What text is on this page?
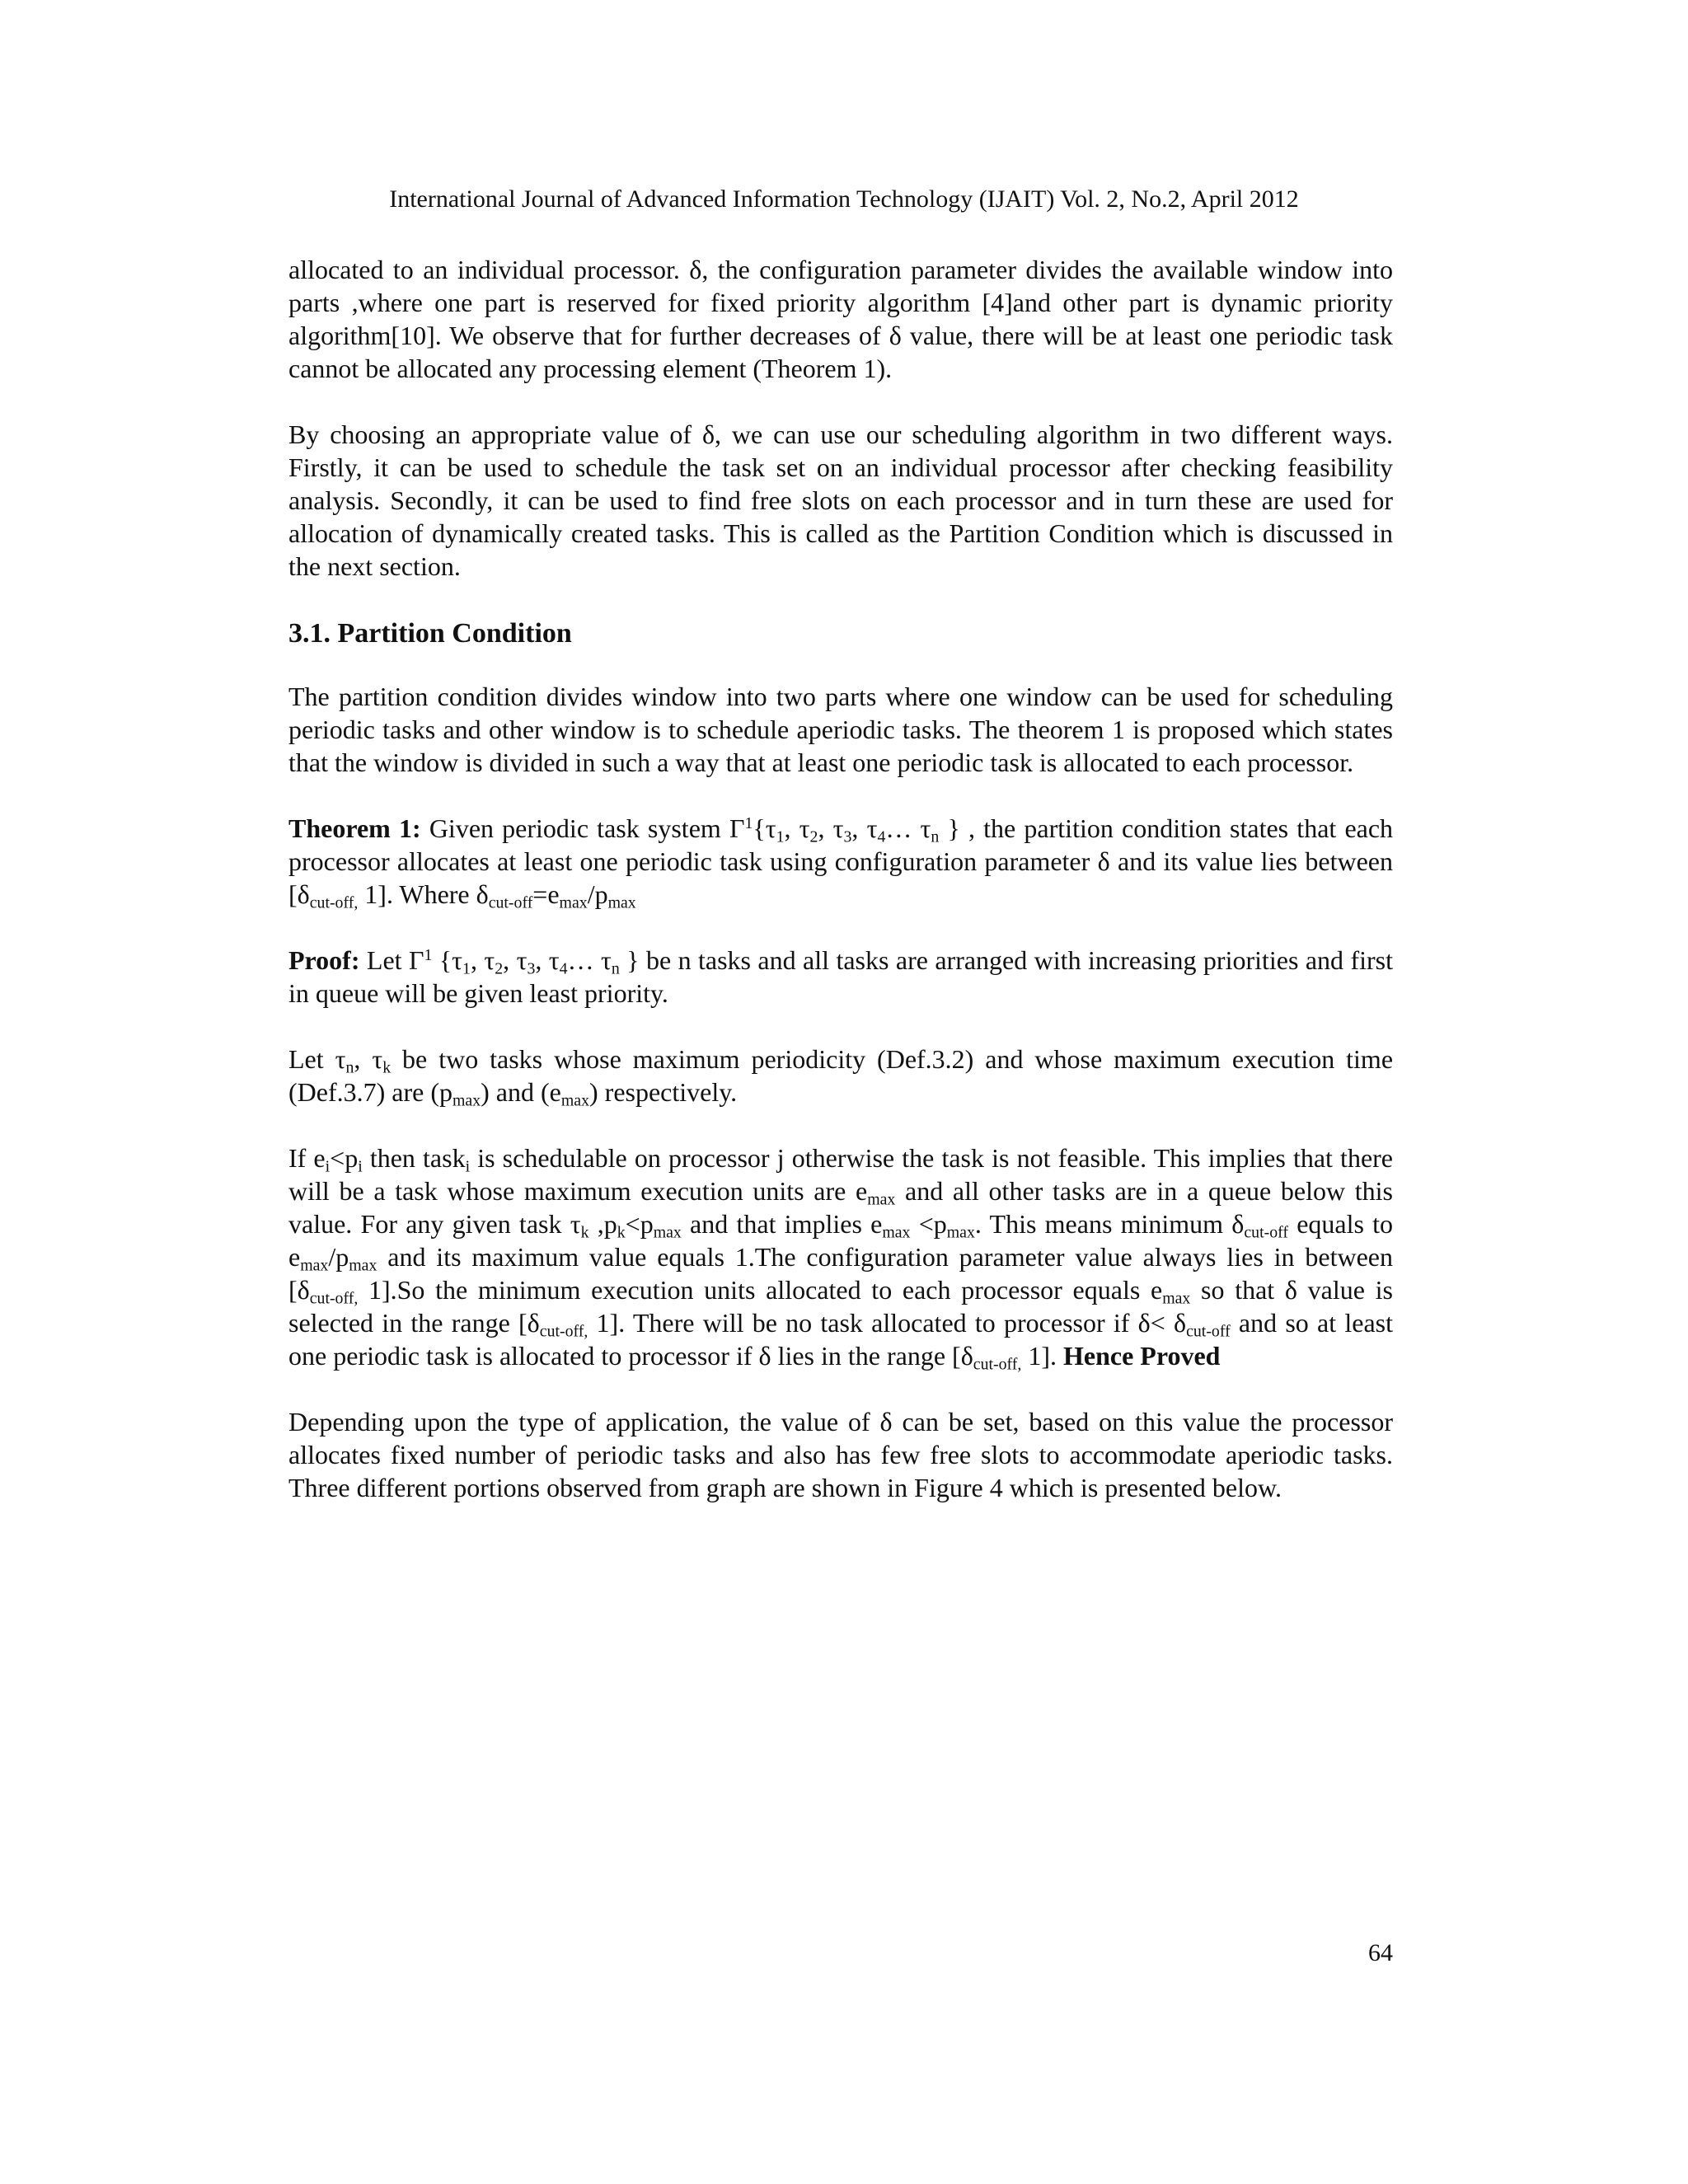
International Journal of Advanced Information Technology (IJAIT) Vol. 2, No.2, April 2012

allocated to an individual processor. δ, the configuration parameter divides the available window into parts ,where one part is reserved for fixed priority algorithm [4]and other part is dynamic priority algorithm[10]. We observe that for further decreases of δ value, there will be at least one periodic task cannot be allocated any processing element (Theorem 1).

By choosing an appropriate value of δ, we can use our scheduling algorithm in two different ways. Firstly, it can be used to schedule the task set on an individual processor after checking feasibility analysis. Secondly, it can be used to find free slots on each processor and in turn these are used for allocation of dynamically created tasks. This is called as the Partition Condition which is discussed in the next section.

3.1. Partition Condition

The partition condition divides window into two parts where one window can be used for scheduling periodic tasks and other window is to schedule aperiodic tasks. The theorem 1 is proposed which states that the window is divided in such a way that at least one periodic task is allocated to each processor.

Theorem 1: Given periodic task system $\Gamma^1\{\tau_1$, $\tau_2$, $\tau_3$, $\tau_4\dots$ $\tau_n$ } , the partition condition states that each processor allocates at least one periodic task using configuration parameter δ and its value lies between [$\delta_{cut-off,}$ 1]. Where $\delta_{cut-off}=e_{max}/p_{max}$

Proof: Let $\Gamma^1$ {$\tau_1$, $\tau_2$, $\tau_3$, $\tau_4\dots$ $\tau_n$ } be n tasks and all tasks are arranged with increasing priorities and first in queue will be given least priority.

Let $\tau_n$, $\tau_k$ be two tasks whose maximum periodicity (Def.3.2) and whose maximum execution time (Def.3.7) are $(p_{max})$ and $(e_{max})$ respectively.

If $e_i<p_i$ then task$_i$ is schedulable on processor j otherwise the task is not feasible. This implies that there will be a task whose maximum execution units are $e_{max}$ and all other tasks are in a queue below this value. For any given task $\tau_k$ $,p_k<p_{max}$ and that implies $e_{max} <p_{max}$. This means minimum $\delta_{cut-off}$ equals to $e_{max}/p_{max}$ and its maximum value equals 1.The configuration parameter value always lies in between [$\delta_{cut-off,}$ 1].So the minimum execution units allocated to each processor equals $e_{max}$ so that δ value is selected in the range [$\delta_{cut-off,}$ 1]. There will be no task allocated to processor if $\delta< \delta_{cut-off}$ and so at least one periodic task is allocated to processor if δ lies in the range [$\delta_{cut-off,}$ 1]. Hence Proved

Depending upon the type of application, the value of δ can be set, based on this value the processor allocates fixed number of periodic tasks and also has few free slots to accommodate aperiodic tasks. Three different portions observed from graph are shown in Figure 4 which is presented below.

64
